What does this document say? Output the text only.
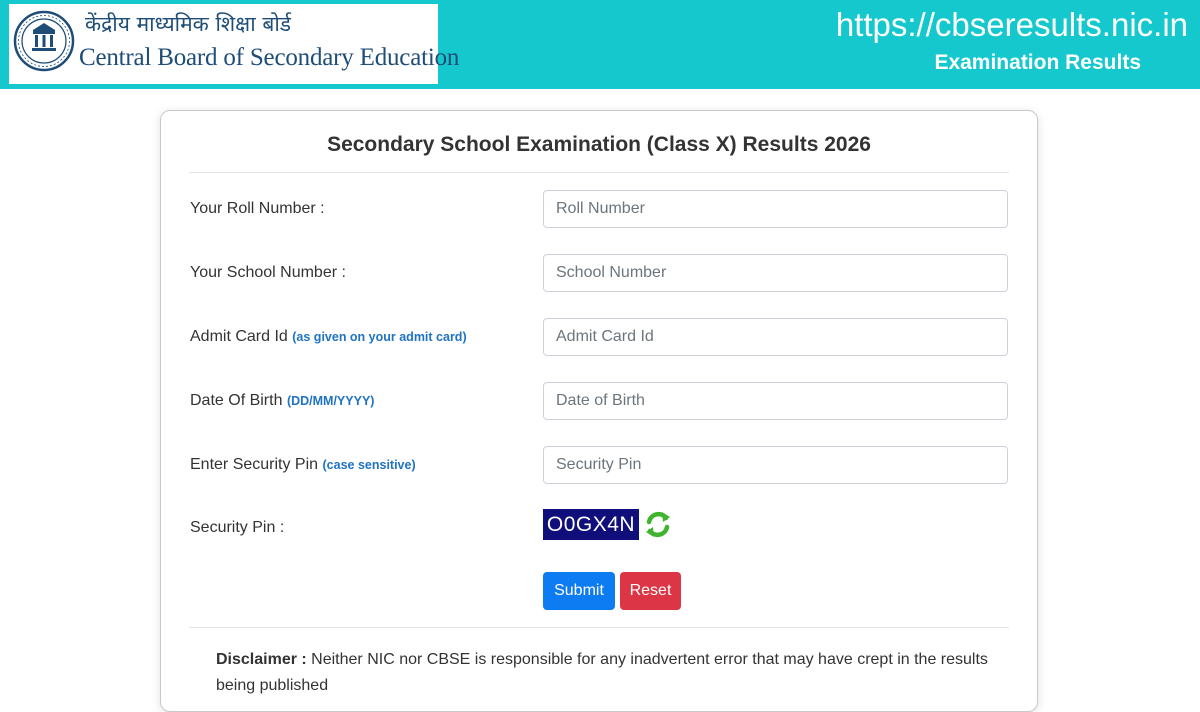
केंद्रीय माध्यमिक शिक्षा बोर्ड
Central Board of Secondary Education
https://cbseresults.nic.in
Examination Results
Secondary School Examination (Class X) Results 2026
Your Roll Number :
Roll Number
Your School Number :
School Number
Admit Card Id (as given on your admit card)
Admit Card Id
Date Of Birth (DD/MM/YYYY)
Date of Birth
Enter Security Pin (case sensitive)
Security Pin
Security Pin :	O0GX4N
Submit	Reset
Disclaimer : Neither NIC nor CBSE is responsible for any inadvertent error that may have crept in the results being published
